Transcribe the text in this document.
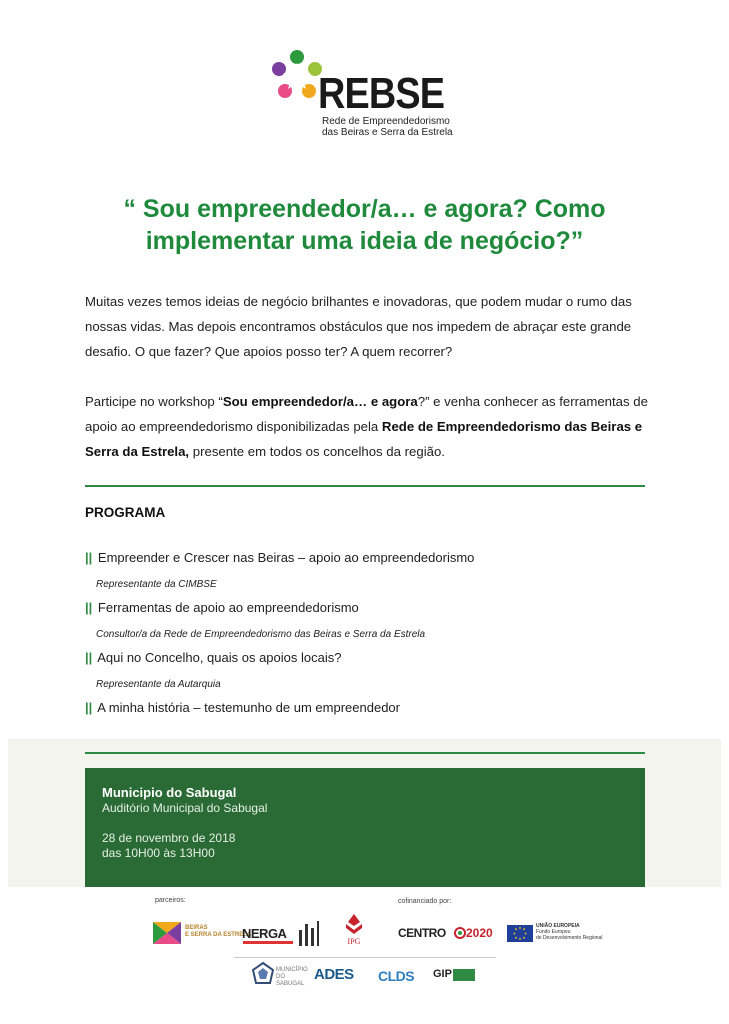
REBSE
Rede de Empreendedorismo
das Beiras e Serra da Estrela
“ Sou empreendedor/a… e agora? Como implementar uma ideia de negócio?”
Muitas vezes temos ideias de negócio brilhantes e inovadoras, que podem mudar o rumo das nossas vidas. Mas depois encontramos obstáculos que nos impedem de abraçar este grande desafio. O que fazer? Que apoios posso ter? A quem recorrer?
Participe no workshop “Sou empreendedor/a… e agora?” e venha conhecer as ferramentas de apoio ao empreendedorismo disponibilizadas pela Rede de Empreendedorismo das Beiras e Serra da Estrela, presente em todos os concelhos da região.
PROGRAMA
|| Empreender e Crescer nas Beiras – apoio ao empreendedorismo
Representante da CIMBSE
|| Ferramentas de apoio ao empreendedorismo
Consultor/a da Rede de Empreendedorismo das Beiras e Serra da Estrela
|| Aqui no Concelho, quais os apoios locais?
Representante da Autarquia
|| A minha história – testemunho de um empreendedor
Municipio do Sabugal
Auditório Municipal do Sabugal
28 de novembro de 2018
das 10H00 às 13H00
parceiros:	cofinanciado por:
BEIRAS
E SERRA DA ESTRELA
NERGA
IPG
CENTRO 2020	UNIÃO EUROPEIA
Fundo Europeu
de Desenvolvimento Regional
MUNICÍPIO
DO
SABUGAL
ADES CLDS GIP
